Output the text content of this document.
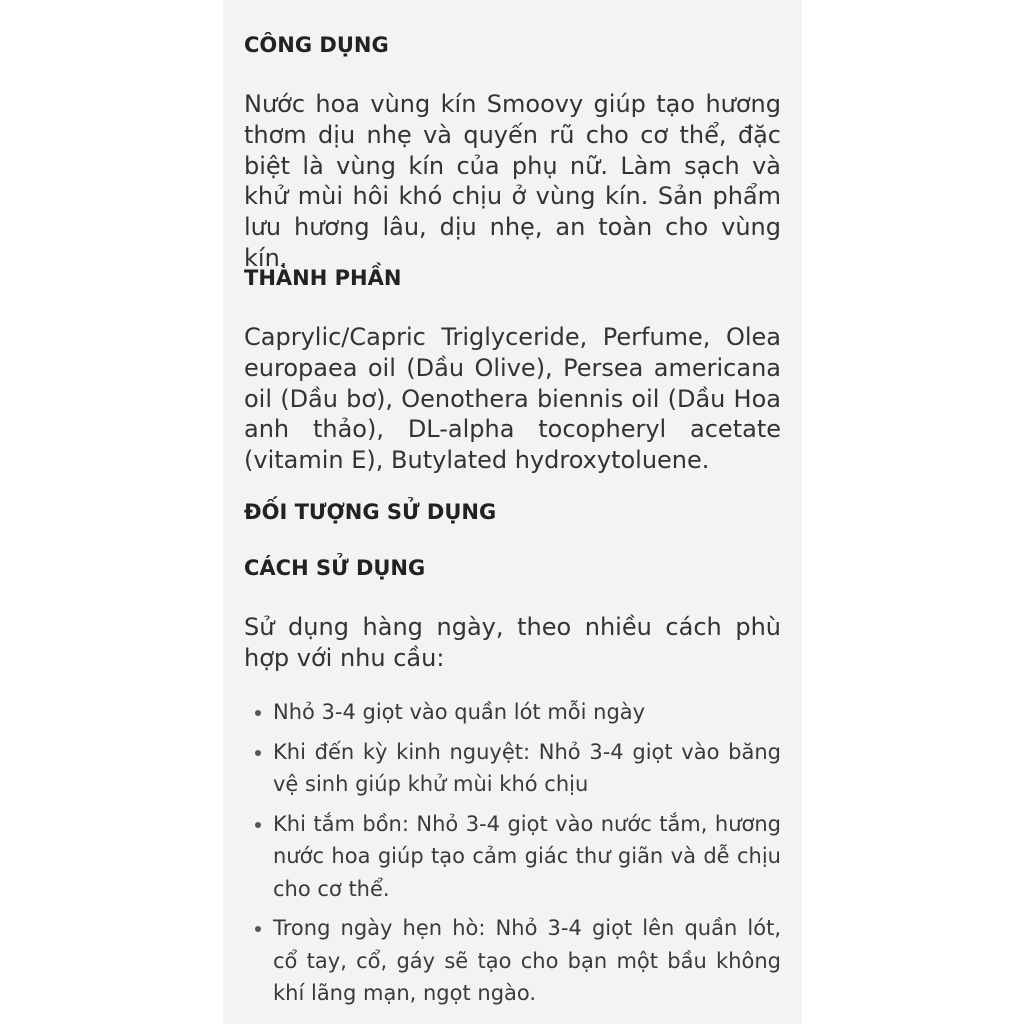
CÔNG DỤNG

Nước hoa vùng kín Smoovy giúp tạo hương thơm dịu nhẹ và quyến rũ cho cơ thể, đặc biệt là vùng kín của phụ nữ. Làm sạch và khử mùi hôi khó chịu ở vùng kín. Sản phẩm lưu hương lâu, dịu nhẹ, an toàn cho vùng kín.

THÀNH PHẦN

Caprylic/Capric Triglyceride, Perfume, Olea europaea oil (Dầu Olive), Persea americana oil (Dầu bơ), Oenothera biennis oil (Dầu Hoa anh thảo), DL-alpha tocopheryl acetate (vitamin E), Butylated hydroxytoluene.

ĐỐI TƯỢNG SỬ DỤNG
CÁCH SỬ DỤNG

Sử dụng hàng ngày, theo nhiều cách phù hợp với nhu cầu:

Nhỏ 3-4 giọt vào quần lót mỗi ngày
Khi đến kỳ kinh nguyệt: Nhỏ 3-4 giọt vào băng vệ sinh giúp khử mùi khó chịu
Khi tắm bồn: Nhỏ 3-4 giọt vào nước tắm, hương nước hoa giúp tạo cảm giác thư giãn và dễ chịu cho cơ thể.
Trong ngày hẹn hò: Nhỏ 3-4 giọt lên quần lót, cổ tay, cổ, gáy sẽ tạo cho bạn một bầu không khí lãng mạn, ngọt ngào.
